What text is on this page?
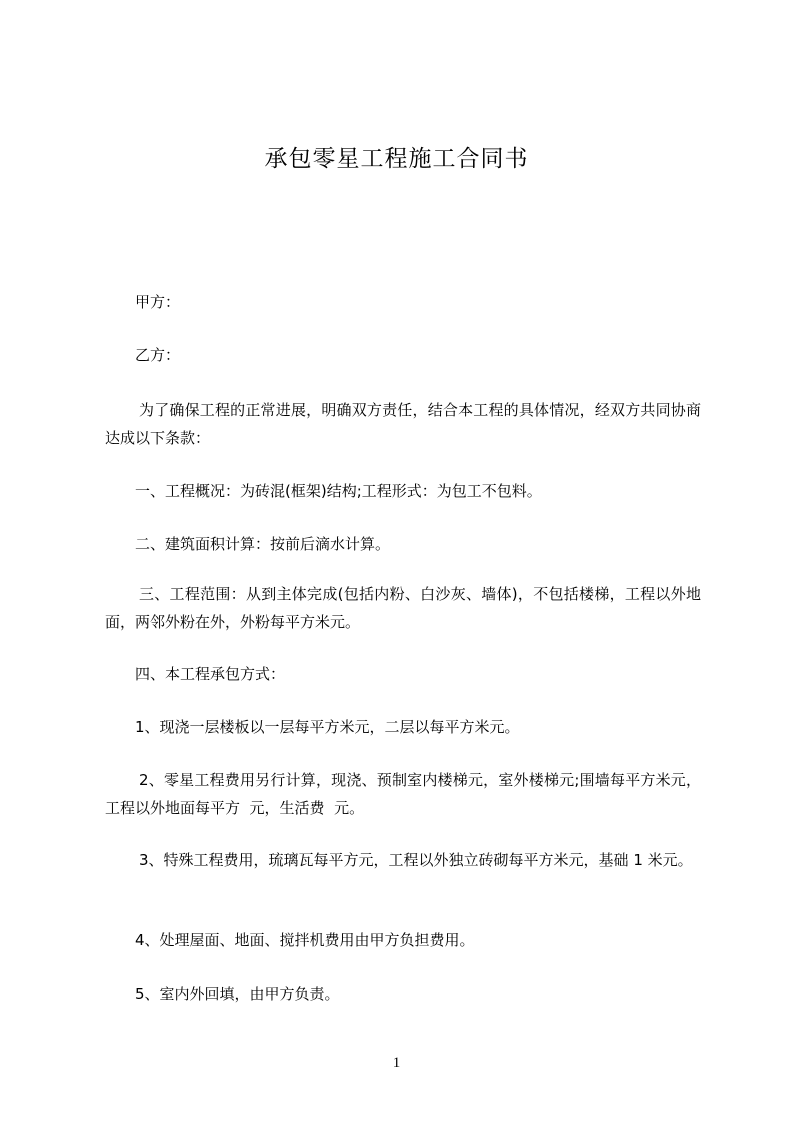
承包零星工程施工合同书
甲方：
乙方：
为了确保工程的正常进展，明确双方责任，结合本工程的具体情况，经双方共同协商达成以下条款：
一、工程概况：为砖混(框架)结构;工程形式：为包工不包料。
二、建筑面积计算：按前后滴水计算。
三、工程范围：从到主体完成(包括内粉、白沙灰、墙体)，不包括楼梯，工程以外地面，两邻外粉在外，外粉每平方米元。
四、本工程承包方式：
1、现浇一层楼板以一层每平方米元，二层以每平方米元。
2、零星工程费用另行计算，现浇、预制室内楼梯元，室外楼梯元;围墙每平方米元，工程以外地面每平方  元，生活费  元。
3、特殊工程费用，琉璃瓦每平方元，工程以外独立砖砌每平方米元，基础 1 米元。
4、处理屋面、地面、搅拌机费用由甲方负担费用。
5、室内外回填，由甲方负责。
1
